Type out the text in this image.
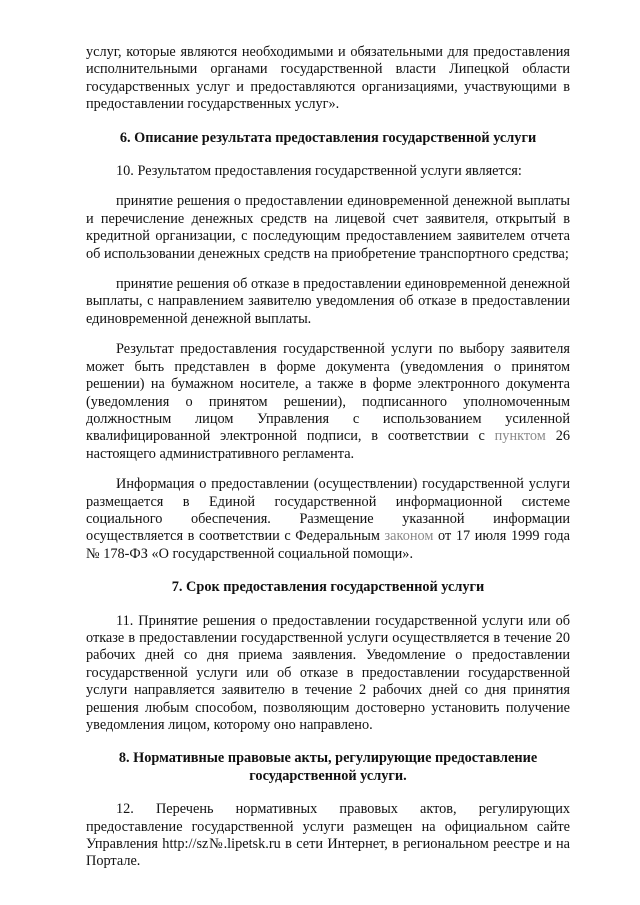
услуг, которые являются необходимыми и обязательными для предоставления исполнительными органами государственной власти Липецкой области государственных услуг и предоставляются организациями, участвующими в предоставлении государственных услуг».

6. Описание результата предоставления государственной услуги

10. Результатом предоставления государственной услуги является:

принятие решения о предоставлении единовременной денежной выплаты и перечисление денежных средств на лицевой счет заявителя, открытый в кредитной организации, с последующим предоставлением заявителем отчета об использовании денежных средств на приобретение транспортного средства;

принятие решения об отказе в предоставлении единовременной денежной выплаты, с направлением заявителю уведомления об отказе в предоставлении единовременной денежной выплаты.

Результат предоставления государственной услуги по выбору заявителя может быть представлен в форме документа (уведомления о принятом решении) на бумажном носителе, а также в форме электронного документа (уведомления о принятом решении), подписанного уполномоченным должностным лицом Управления с использованием усиленной квалифицированной электронной подписи, в соответствии с пунктом 26 настоящего административного регламента.

Информация о предоставлении (осуществлении) государственной услуги размещается в Единой государственной информационной системе социального обеспечения. Размещение указанной информации осуществляется в соответствии с Федеральным законом от 17 июля 1999 года № 178-ФЗ «О государственной социальной помощи».

7. Срок предоставления государственной услуги

11. Принятие решения о предоставлении государственной услуги или об отказе в предоставлении государственной услуги осуществляется в течение 20 рабочих дней со дня приема заявления. Уведомление о предоставлении государственной услуги или об отказе в предоставлении государственной услуги направляется заявителю в течение 2 рабочих дней со дня принятия решения любым способом, позволяющим достоверно установить получение уведомления лицом, которому оно направлено.

8. Нормативные правовые акты, регулирующие предоставление
государственной услуги.

12. Перечень нормативных правовых актов, регулирующих предоставление государственной услуги размещен на официальном сайте Управления http://sz№.lipetsk.ru в сети Интернет, в региональном реестре и на Портале.
